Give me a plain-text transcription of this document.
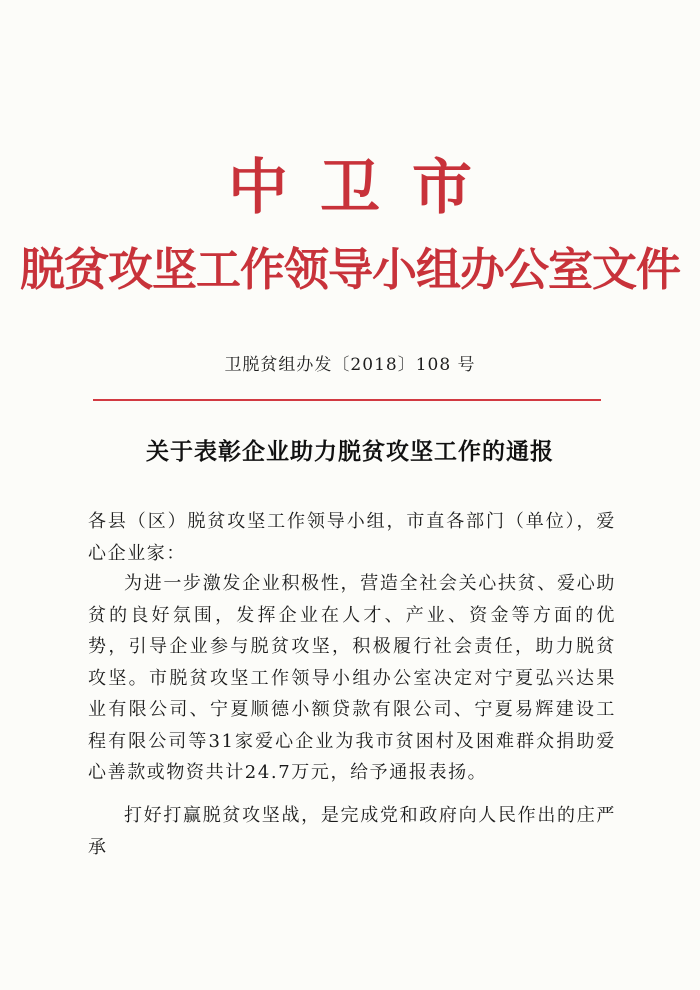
中卫市
脱贫攻坚工作领导小组办公室文件
卫脱贫组办发〔2018〕108 号
关于表彰企业助力脱贫攻坚工作的通报
各县（区）脱贫攻坚工作领导小组，市直各部门（单位），爱心企业家：

为进一步激发企业积极性，营造全社会关心扶贫、爱心助贫的良好氛围，发挥企业在人才、产业、资金等方面的优势，引导企业参与脱贫攻坚，积极履行社会责任，助力脱贫攻坚。市脱贫攻坚工作领导小组办公室决定对宁夏弘兴达果业有限公司、宁夏顺德小额贷款有限公司、宁夏易辉建设工程有限公司等31家爱心企业为我市贫困村及困难群众捐助爱心善款或物资共计24.7万元，给予通报表扬。

打好打赢脱贫攻坚战，是完成党和政府向人民作出的庄严承
